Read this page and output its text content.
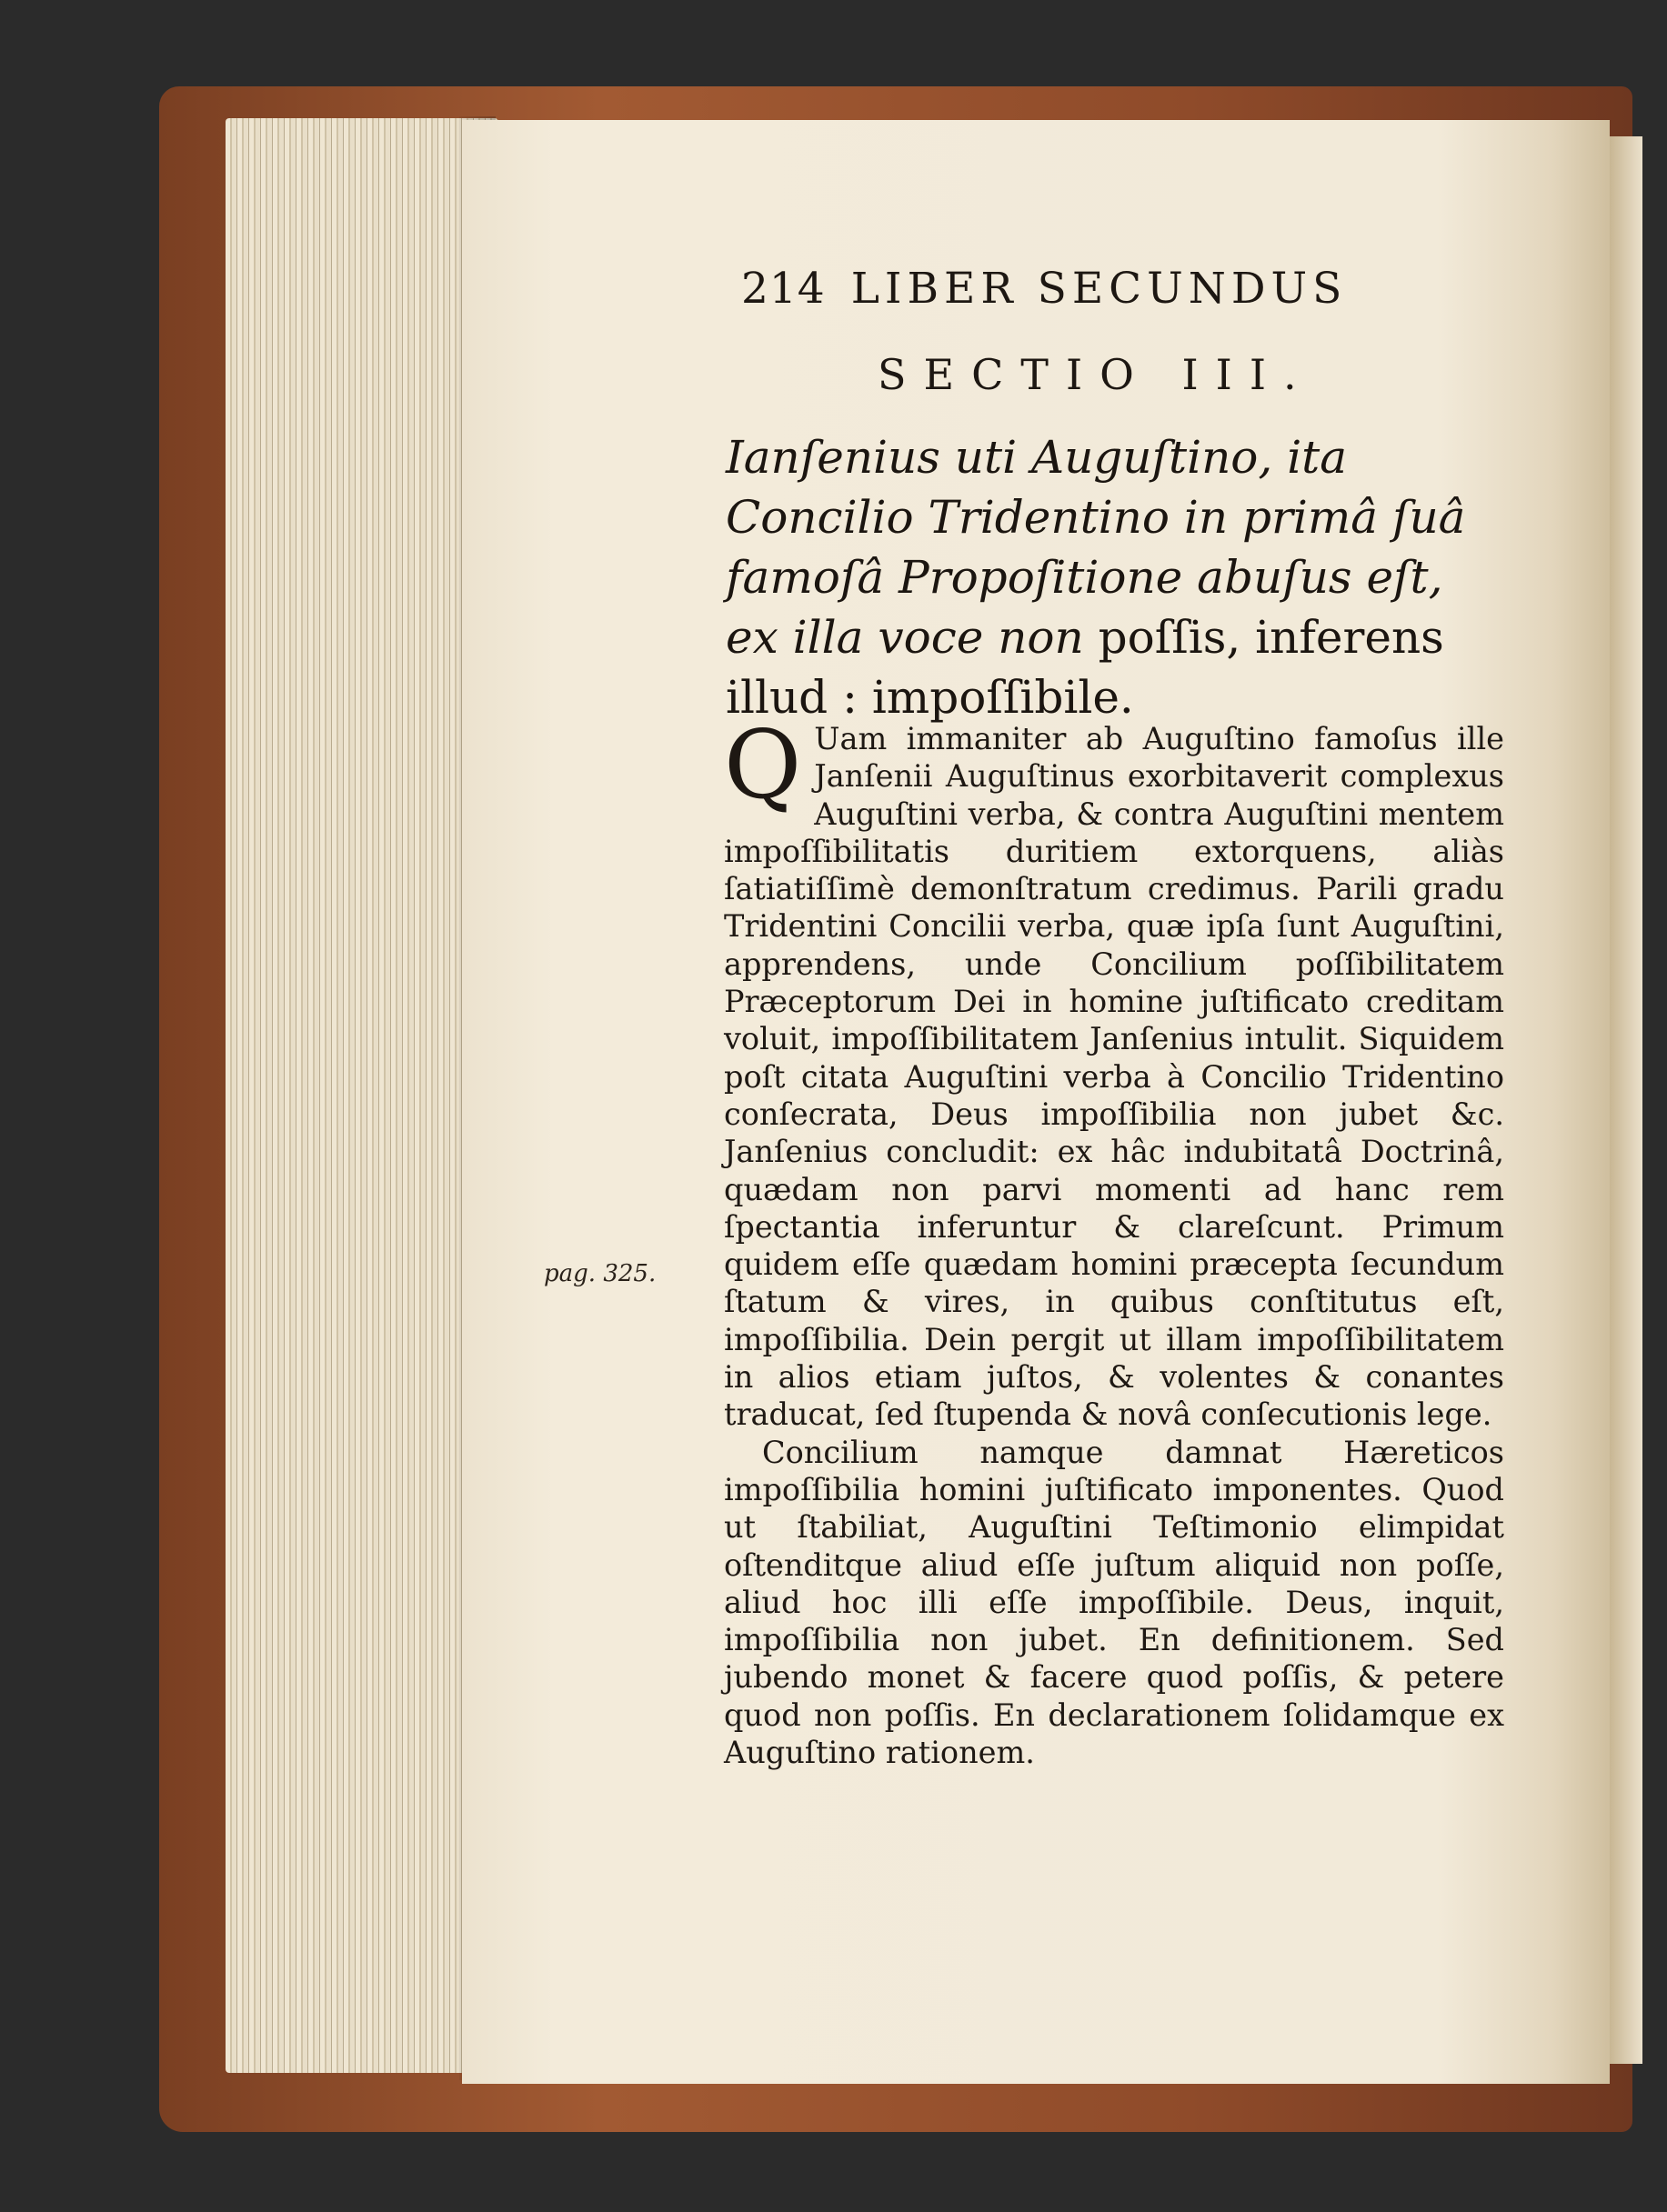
214 LIBER SECUNDUS
SECTIO III.
Ianſenius uti Auguſtino, ita Concilio Tridentino in primâ ſuâ famoſâ Propoſitione abuſus eſt, ex illa voce non poſſis, inferens illud : impoſſibile.

Q Uam immaniter ab Auguſtino famoſus ille Janſenii Auguſtinus exorbitaverit complexus Auguſtini verba, & contra Auguſtini mentem impoſſibilitatis duritiem extorquens, aliàs ſatiatiſſimè demonſtratum credimus. Parili gradu Tridentini Concilii verba, quæ ipſa ſunt Auguſtini, apprendens, unde Concilium poſſibilitatem Præceptorum Dei in homine juſtificato creditam voluit, impoſſibilitatem Janſenius intulit. Siquidem poſt citata Auguſtini verba à Concilio Tridentino conſecrata, Deus impoſſibilia non jubet &c. Janſenius concludit: ex hâc indubitatâ Doctrinâ, quædam non parvi momenti ad hanc rem ſpectantia inferuntur & clareſcunt. Primum quidem eſſe quædam homini præcepta ſecundum ſtatum & vires, in quibus conſtitutus eſt, impoſſibilia. Dein pergit ut illam impoſſibilitatem in alios etiam juſtos, & volentes & conantes traducat, ſed ſtupenda & novâ conſecutionis lege.

Concilium namque damnat Hæreticos impoſſibilia homini juſtificato imponentes. Quod ut ſtabiliat, Auguſtini Teſtimonio elimpidat oſtenditque aliud eſſe juſtum aliquid non poſſe, aliud hoc illi eſſe impoſſibile. Deus, inquit, impoſſibilia non jubet. En definitionem. Sed jubendo monet & facere quod poſſis, & petere quod non poſſis. En declarationem ſolidamque ex Auguſtino rationem.

pag. 325.
